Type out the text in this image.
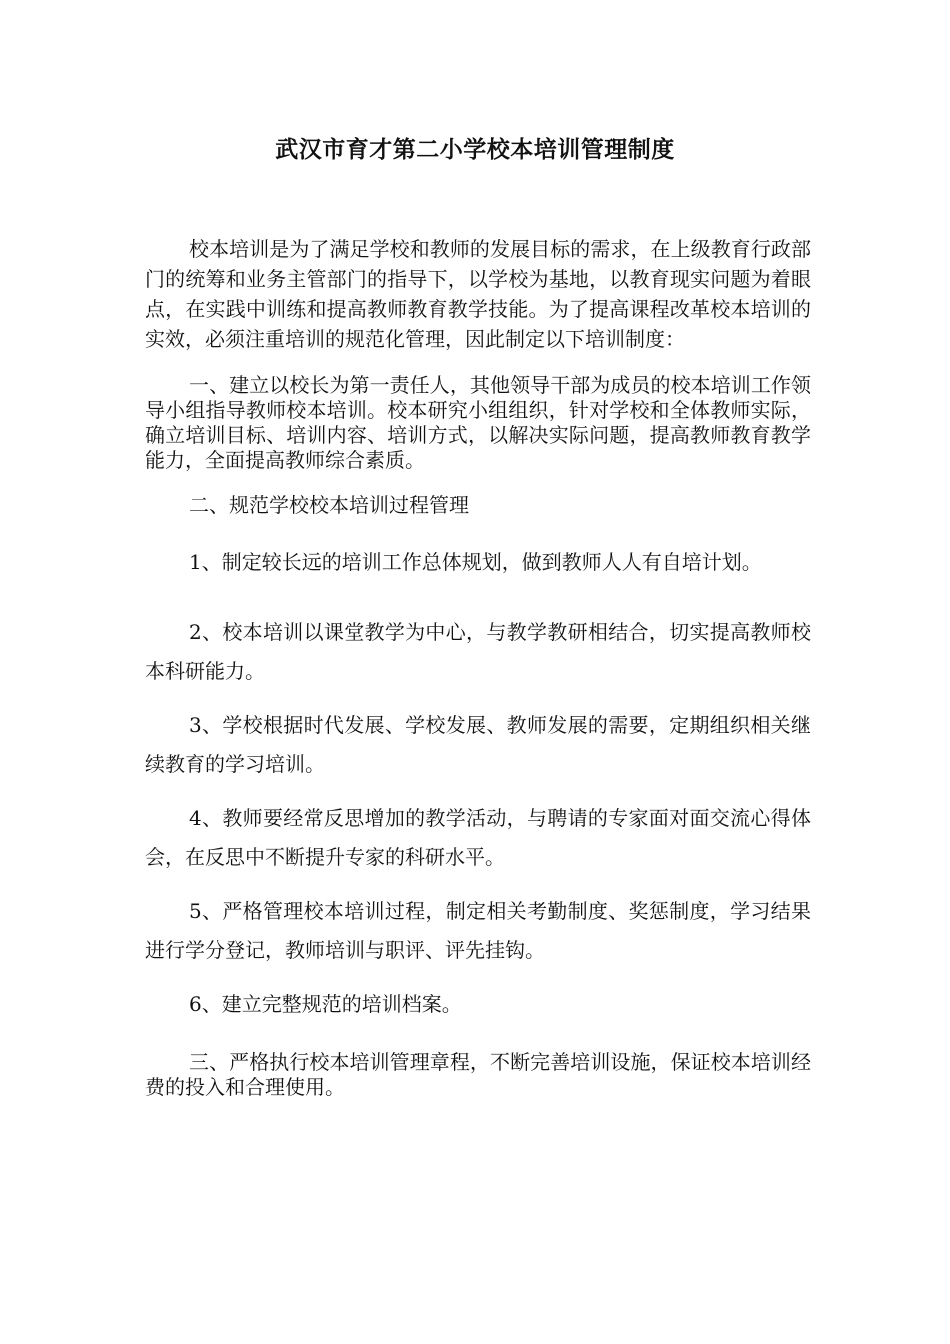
武汉市育才第二小学校本培训管理制度

校本培训是为了满足学校和教师的发展目标的需求，在上级教育行政部门的统筹和业务主管部门的指导下，以学校为基地，以教育现实问题为着眼点，在实践中训练和提高教师教育教学技能。为了提高课程改革校本培训的实效，必须注重培训的规范化管理，因此制定以下培训制度：

一、建立以校长为第一责任人，其他领导干部为成员的校本培训工作领导小组指导教师校本培训。校本研究小组组织，针对学校和全体教师实际，确立培训目标、培训内容、培训方式，以解决实际问题，提高教师教育教学能力，全面提高教师综合素质。

二、规范学校校本培训过程管理

1、制定较长远的培训工作总体规划，做到教师人人有自培计划。

2、校本培训以课堂教学为中心，与教学教研相结合，切实提高教师校本科研能力。

3、学校根据时代发展、学校发展、教师发展的需要，定期组织相关继续教育的学习培训。

4、教师要经常反思增加的教学活动，与聘请的专家面对面交流心得体会，在反思中不断提升专家的科研水平。

5、严格管理校本培训过程，制定相关考勤制度、奖惩制度，学习结果进行学分登记，教师培训与职评、评先挂钩。

6、建立完整规范的培训档案。

三、严格执行校本培训管理章程，不断完善培训设施，保证校本培训经费的投入和合理使用。
